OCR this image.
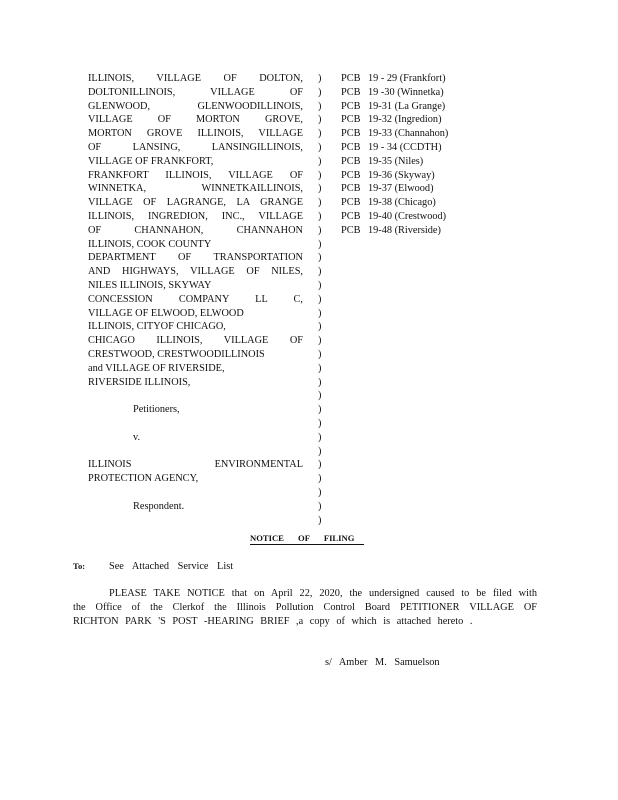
ILLINOIS, VILLAGE OF DOLTON,
DOLTONILLINOIS, VILLAGE OF
GLENWOOD, GLENWOODILLINOIS,
VILLAGE OF MORTON GROVE,
MORTON GROVE ILLINOIS, VILLAGE
OF LANSING, LANSINGILLINOIS,
VILLAGE OF FRANKFORT,
FRANKFORT ILLINOIS, VILLAGE OF
WINNETKA, WINNETKAILLINOIS,
VILLAGE OF LAGRANGE, LA GRANGE
ILLINOIS, INGREDION, INC., VILLAGE
OF CHANNAHON, CHANNAHON
ILLINOIS, COOK COUNTY
DEPARTMENT OF TRANSPORTATION
AND HIGHWAYS, VILLAGE OF NILES,
NILES ILLINOIS, SKYWAY
CONCESSION COMPANY LL C,
VILLAGE OF ELWOOD, ELWOOD
ILLINOIS, CITYOF CHICAGO,
CHICAGO ILLINOIS, VILLAGE OF
CRESTWOOD, CRESTWOODILLINOIS
and VILLAGE OF RIVERSIDE,
RIVERSIDE ILLINOIS,
Petitioners,
v.
ILLINOIS ENVIRONMENTAL
PROTECTION AGENCY,
Respondent.
)
)
)
)
)
)
)
)
)
)
)
)
)
)
)
)
)
)
)
)
)
)
)
)
)
)
)
)
)
)
)
)
)
PCB 19 - 29 (Frankfort)
PCB 19 -30 (Winnetka)
PCB 19-31 (La Grange)
PCB 19-32 (Ingredion)
PCB 19-33 (Channahon)
PCB 19 - 34 (CCDTH)
PCB 19-35 (Niles)
PCB 19-36 (Skyway)
PCB 19-37 (Elwood)
PCB 19-38 (Chicago)
PCB 19-40 (Crestwood)
PCB 19-48 (Riverside)
NOTICE OF FILING
To: See Attached Service List
PLEASE TAKE NOTICE that on April 22, 2020, the undersigned caused to be filed with
the Office of the Clerkof the Illinois Pollution Control Board PETITIONER VILLAGE OF
RICHTON PARK 'S POST -HEARING BRIEF ,a copy of which is attached hereto .
s/ Amber M. Samuelson
